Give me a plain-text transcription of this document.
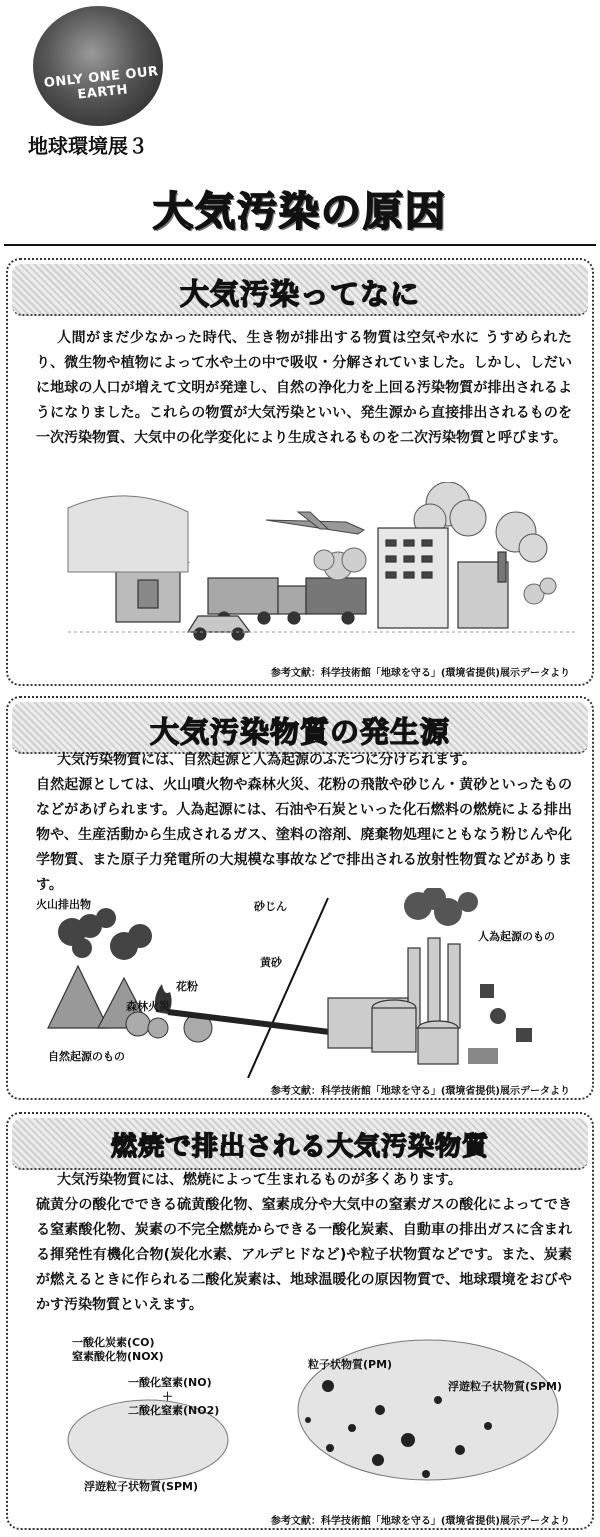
ONLY ONE OUR EARTH
地球環境展３
大気汚染の原因
大気汚染ってなに

人間がまだ少なかった時代、生き物が排出する物質は空気や水に うすめられたり、微生物や植物によって水や土の中で吸収・分解されていました。しかし、しだいに地球の人口が増えて文明が発達し、自然の浄化力を上回る汚染物質が排出されるようになりました。これらの物質が大気汚染といい、発生源から直接排出されるものを一次汚染物質、大気中の化学変化により生成されるものを二次汚染物質と呼びます。

参考文献：科学技術館「地球を守る」(環境省提供)展示データより
大気汚染物質の発生源

大気汚染物質には、自然起源と人為起源のふたつに分けられます。

自然起源としては、火山噴火物や森林火災、花粉の飛散や砂じん・黄砂といったものなどがあげられます。人為起源には、石油や石炭といった化石燃料の燃焼による排出物や、生産活動から生成されるガス、塗料の溶剤、廃棄物処理にともなう粉じんや化学物質、また原子力発電所の大規模な事故などで排出される放射性物質などがあります。

火山排出物
森林火災
花粉
砂じん
黄砂
自然起源のもの
人為起源のもの
参考文献：科学技術館「地球を守る」(環境省提供)展示データより
燃焼で排出される大気汚染物質

大気汚染物質には、燃焼によって生まれるものが多くあります。

硫黄分の酸化でできる硫黄酸化物、窒素成分や大気中の窒素ガスの酸化によってできる窒素酸化物、炭素の不完全燃焼からできる一酸化炭素、自動車の排出ガスに含まれる揮発性有機化合物(炭化水素、アルデヒドなど)や粒子状物質などです。また、炭素が燃えるときに作られる二酸化炭素は、地球温暖化の原因物質で、地球環境をおびやかす汚染物質といえます。

一酸化炭素(CO)
窒素酸化物(NOX)
一酸化窒素(NO)
＋
二酸化窒素(NO2)
粒子状物質(PM)
浮遊粒子状物質(SPM)
浮遊粒子状物質(SPM)
参考文献：科学技術館「地球を守る」(環境省提供)展示データより
